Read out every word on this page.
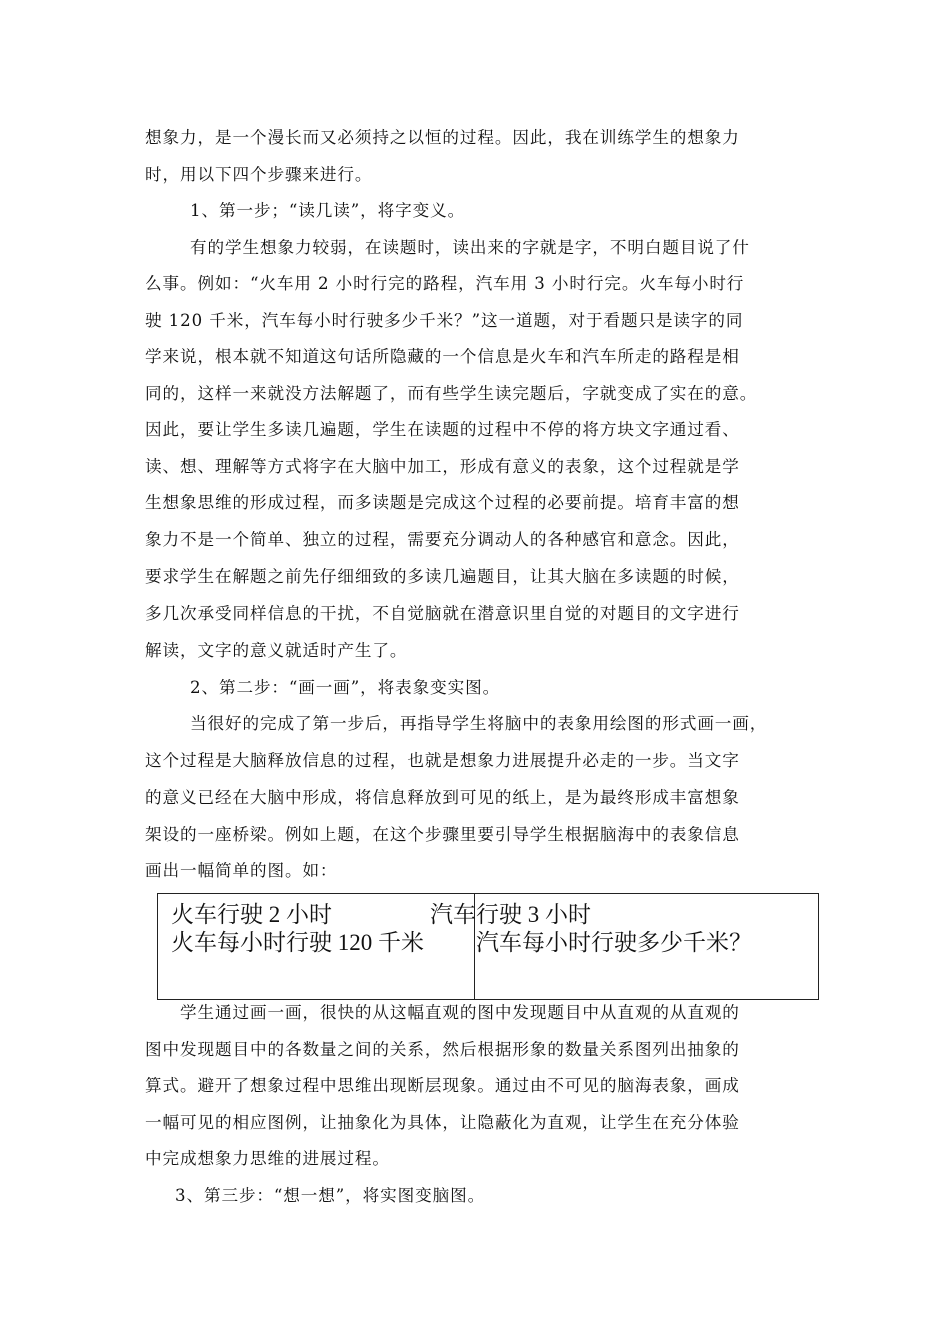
想象力，是一个漫长而又必须持之以恒的过程。因此，我在训练学生的想象力
时，用以下四个步骤来进行。
1、第一步；“读几读”，将字变义。
有的学生想象力较弱，在读题时，读出来的字就是字，不明白题目说了什
么事。例如：“火车用 2 小时行完的路程，汽车用 3 小时行完。火车每小时行
驶 120 千米，汽车每小时行驶多少千米？”这一道题，对于看题只是读字的同
学来说，根本就不知道这句话所隐藏的一个信息是火车和汽车所走的路程是相
同的，这样一来就没方法解题了，而有些学生读完题后，字就变成了实在的意。
因此，要让学生多读几遍题，学生在读题的过程中不停的将方块文字通过看、
读、想、理解等方式将字在大脑中加工，形成有意义的表象，这个过程就是学
生想象思维的形成过程，而多读题是完成这个过程的必要前提。培育丰富的想
象力不是一个简单、独立的过程，需要充分调动人的各种感官和意念。因此，
要求学生在解题之前先仔细细致的多读几遍题目，让其大脑在多读题的时候，
多几次承受同样信息的干扰，不自觉脑就在潜意识里自觉的对题目的文字进行
解读，文字的意义就适时产生了。
2、第二步：“画一画”，将表象变实图。
当很好的完成了第一步后，再指导学生将脑中的表象用绘图的形式画一画，
这个过程是大脑释放信息的过程，也就是想象力进展提升必走的一步。当文字
的意义已经在大脑中形成，将信息释放到可见的纸上，是为最终形成丰富想象
架设的一座桥梁。例如上题，在这个步骤里要引导学生根据脑海中的表象信息
画出一幅简单的图。如：
火车行驶 2 小时
火车每小时行驶 120 千米
汽车行驶 3 小时
汽车每小时行驶多少千米？
学生通过画一画，很快的从这幅直观的图中发现题目中从直观的从直观的
图中发现题目中的各数量之间的关系，然后根据形象的数量关系图列出抽象的
算式。避开了想象过程中思维出现断层现象。通过由不可见的脑海表象，画成
一幅可见的相应图例，让抽象化为具体，让隐蔽化为直观，让学生在充分体验
中完成想象力思维的进展过程。
3、第三步：“想一想”，将实图变脑图。
